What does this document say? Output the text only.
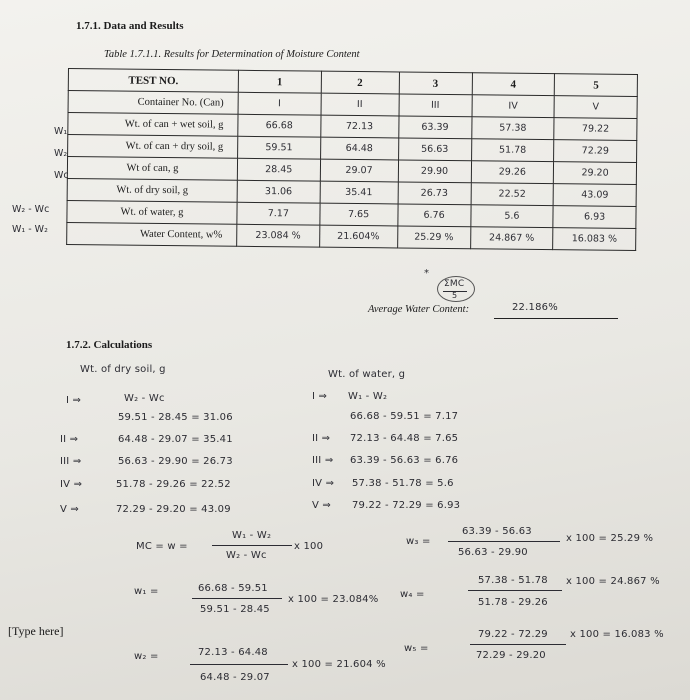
1.7.1. Data and Results
Table 1.7.1.1. Results for Determination of Moisture Content
TEST NO.	1	2	3	4	5
Container No. (Can)	I	II	III	IV	V
Wt. of can + wet soil, g	66.68	72.13	63.39	57.38	79.22
Wt. of can + dry soil, g	59.51	64.48	56.63	51.78	72.29
Wt of can, g	28.45	29.07	29.90	29.26	29.20
Wt. of dry soil, g	31.06	35.41	26.73	22.52	43.09
Wt. of water, g	7.17	7.65	6.76	5.6	6.93
Water Content, w%	23.084 %	21.604%	25.29 %	24.867 %	16.083 %
W₁
W₂
Wc
W₂ - Wc
W₁ - W₂
*
ΣMC
5
Average Water Content:	22.186%
1.7.2. Calculations
Wt. of dry soil, g
I ⇒	W₂ - Wc
59.51 - 28.45 = 31.06
II ⇒	64.48 - 29.07 = 35.41
III ⇒	56.63 - 29.90 = 26.73
IV ⇒	51.78 - 29.26 = 22.52
V ⇒	72.29 - 29.20 = 43.09
Wt. of water, g
I ⇒ W₁ - W₂
66.68 - 59.51 = 7.17
II ⇒ 72.13 - 64.48 = 7.65
III ⇒ 63.39 - 56.63 = 6.76
IV ⇒ 57.38 - 51.78 = 5.6
V ⇒ 79.22 - 72.29 = 6.93
MC = w =
W₁ - W₂
W₂ - Wc
x 100	w₃ =
63.39 - 56.63
56.63 - 29.90
x 100 = 25.29 %
w₁ =	66.68 - 59.51
59.51 - 28.45
x 100 = 23.084% w₄ =
57.38 - 51.78
51.78 - 29.26
x 100 = 24.867 %
w₂ =	72.13 - 64.48
64.48 - 29.07
x 100 = 21.604 %
w₅ =
79.22 - 72.29
72.29 - 29.20
x 100 = 16.083 %
[Type here]
